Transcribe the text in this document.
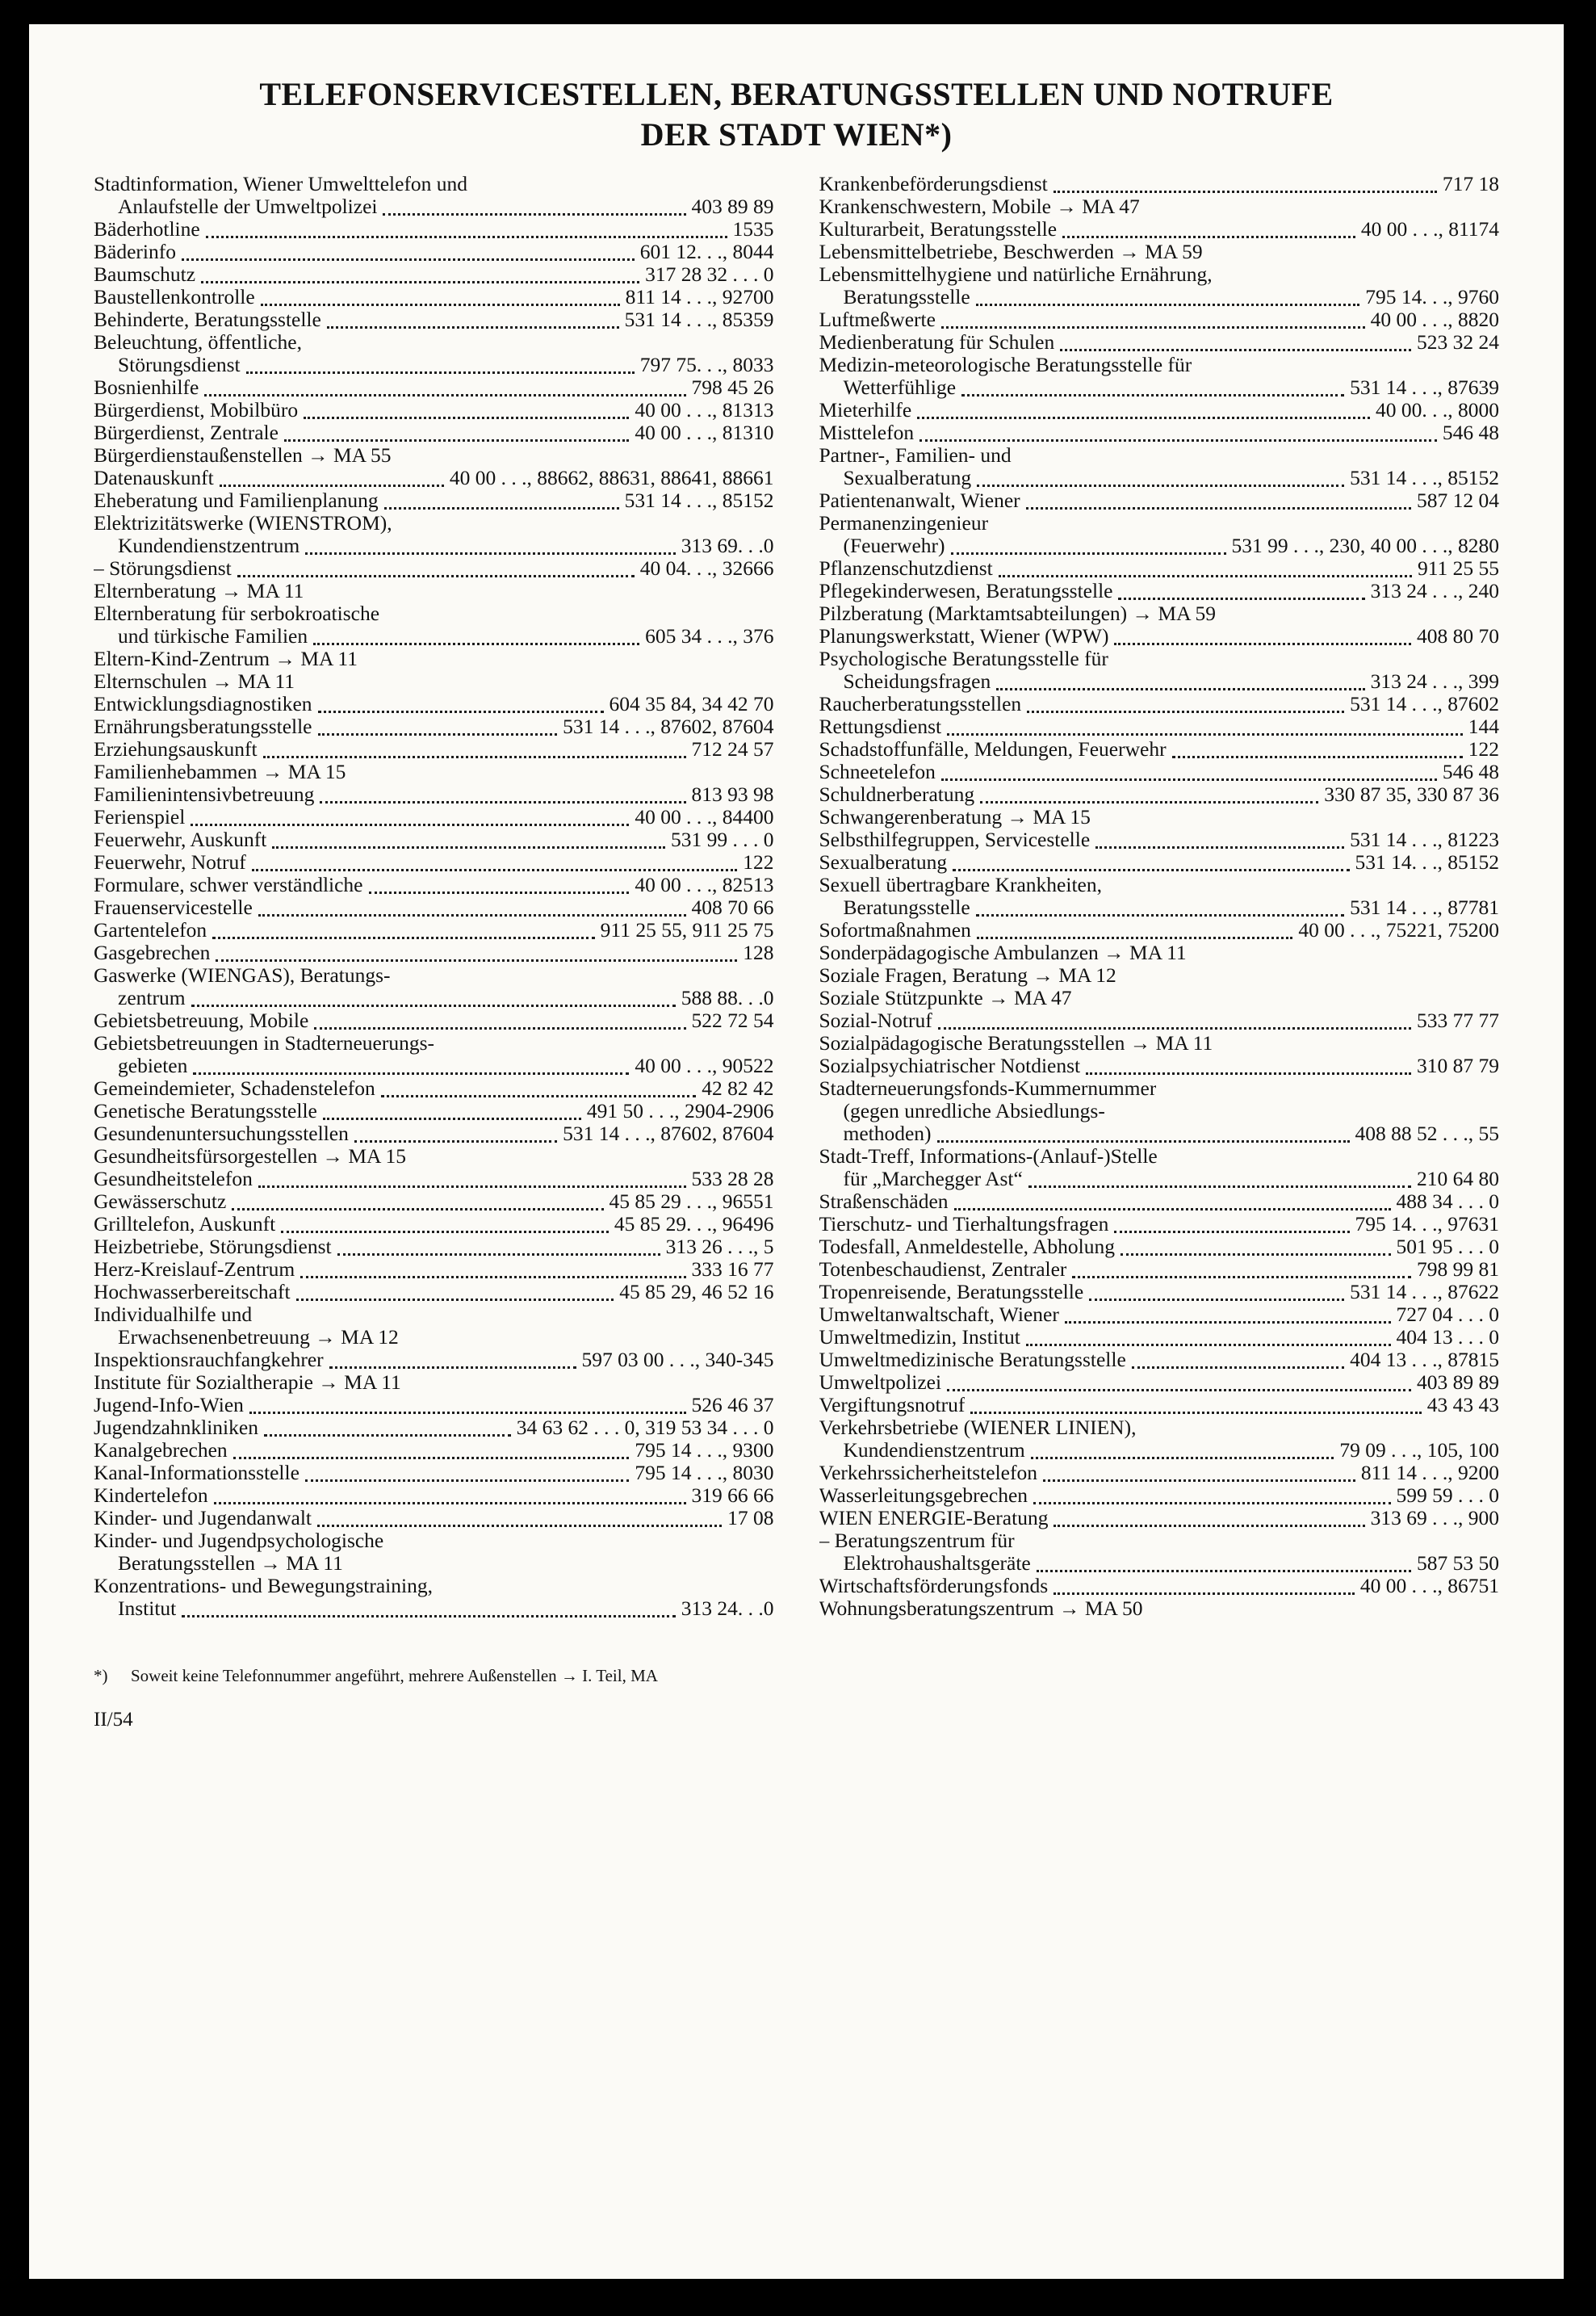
TELEFONSERVICESTELLEN, BERATUNGSSTELLEN UND NOTRUFE
DER STADT WIEN*)
Stadtinformation, Wiener Umwelttelefon und
Anlaufstelle der Umweltpolizei	403 89 89
Bäderhotline	1535
Bäderinfo	601 12. . ., 8044
Baumschutz	317 28 32 . . . 0
Baustellenkontrolle	811 14 . . ., 92700
Behinderte, Beratungsstelle	531 14 . . ., 85359
Beleuchtung, öffentliche,
Störungsdienst	797 75. . ., 8033
Bosnienhilfe	798 45 26
Bürgerdienst, Mobilbüro	40 00 . . ., 81313
Bürgerdienst, Zentrale	40 00 . . ., 81310
Bürgerdienstaußenstellen → MA 55
Datenauskunft	40 00 . . ., 88662, 88631, 88641, 88661
Eheberatung und Familienplanung	531 14 . . ., 85152
Elektrizitätswerke (WIENSTROM),
Kundendienstzentrum	313 69. . .0
– Störungsdienst	40 04. . ., 32666
Elternberatung → MA 11
Elternberatung für serbokroatische
und türkische Familien	605 34 . . ., 376
Eltern-Kind-Zentrum → MA 11
Elternschulen → MA 11
Entwicklungsdiagnostiken	604 35 84, 34 42 70
Ernährungsberatungsstelle	531 14 . . ., 87602, 87604
Erziehungsauskunft	712 24 57
Familienhebammen → MA 15
Familienintensivbetreuung	813 93 98
Ferienspiel	40 00 . . ., 84400
Feuerwehr, Auskunft	531 99 . . . 0
Feuerwehr, Notruf	122
Formulare, schwer verständliche	40 00 . . ., 82513
Frauenservicestelle	408 70 66
Gartentelefon	911 25 55, 911 25 75
Gasgebrechen	128
Gaswerke (WIENGAS), Beratungs-
zentrum	588 88. . .0
Gebietsbetreuung, Mobile	522 72 54
Gebietsbetreuungen in Stadterneuerungs-
gebieten	40 00 . . ., 90522
Gemeindemieter, Schadenstelefon	42 82 42
Genetische Beratungsstelle	491 50 . . ., 2904-2906
Gesundenuntersuchungsstellen	531 14 . . ., 87602, 87604
Gesundheitsfürsorgestellen → MA 15
Gesundheitstelefon	533 28 28
Gewässerschutz	45 85 29 . . ., 96551
Grilltelefon, Auskunft	45 85 29. . ., 96496
Heizbetriebe, Störungsdienst	313 26 . . ., 5
Herz-Kreislauf-Zentrum	333 16 77
Hochwasserbereitschaft	45 85 29, 46 52 16
Individualhilfe und
Erwachsenenbetreuung → MA 12
Inspektionsrauchfangkehrer	597 03 00 . . ., 340-345
Institute für Sozialtherapie → MA 11
Jugend-Info-Wien	526 46 37
Jugendzahnkliniken	34 63 62 . . . 0, 319 53 34 . . . 0
Kanalgebrechen	795 14 . . ., 9300
Kanal-Informationsstelle	795 14 . . ., 8030
Kindertelefon	319 66 66
Kinder- und Jugendanwalt	17 08
Kinder- und Jugendpsychologische
Beratungsstellen → MA 11
Konzentrations- und Bewegungstraining,
Institut	313 24. . .0
Krankenbeförderungsdienst	717 18
Krankenschwestern, Mobile → MA 47
Kulturarbeit, Beratungsstelle	40 00 . . ., 81174
Lebensmittelbetriebe, Beschwerden → MA 59
Lebensmittelhygiene und natürliche Ernährung,
Beratungsstelle	795 14. . ., 9760
Luftmeßwerte	40 00 . . ., 8820
Medienberatung für Schulen	523 32 24
Medizin-meteorologische Beratungsstelle für
Wetterfühlige	531 14 . . ., 87639
Mieterhilfe	40 00. . ., 8000
Misttelefon	546 48
Partner-, Familien- und
Sexualberatung	531 14 . . ., 85152
Patientenanwalt, Wiener	587 12 04
Permanenzingenieur
(Feuerwehr)	531 99 . . ., 230, 40 00 . . ., 8280
Pflanzenschutzdienst	911 25 55
Pflegekinderwesen, Beratungsstelle	313 24 . . ., 240
Pilzberatung (Marktamtsabteilungen) → MA 59
Planungswerkstatt, Wiener (WPW)	408 80 70
Psychologische Beratungsstelle für
Scheidungsfragen	313 24 . . ., 399
Raucherberatungsstellen	531 14 . . ., 87602
Rettungsdienst	144
Schadstoffunfälle, Meldungen, Feuerwehr	122
Schneetelefon	546 48
Schuldnerberatung	330 87 35, 330 87 36
Schwangerenberatung → MA 15
Selbsthilfegruppen, Servicestelle	531 14 . . ., 81223
Sexualberatung	531 14. . ., 85152
Sexuell übertragbare Krankheiten,
Beratungsstelle	531 14 . . ., 87781
Sofortmaßnahmen	40 00 . . ., 75221, 75200
Sonderpädagogische Ambulanzen → MA 11
Soziale Fragen, Beratung → MA 12
Soziale Stützpunkte → MA 47
Sozial-Notruf	533 77 77
Sozialpädagogische Beratungsstellen → MA 11
Sozialpsychiatrischer Notdienst	310 87 79
Stadterneuerungsfonds-Kummernummer
(gegen unredliche Absiedlungs-
methoden)	408 88 52 . . ., 55
Stadt-Treff, Informations-(Anlauf-)Stelle
für „Marchegger Ast“	210 64 80
Straßenschäden	488 34 . . . 0
Tierschutz- und Tierhaltungsfragen	795 14. . ., 97631
Todesfall, Anmeldestelle, Abholung	501 95 . . . 0
Totenbeschaudienst, Zentraler	798 99 81
Tropenreisende, Beratungsstelle	531 14 . . ., 87622
Umweltanwaltschaft, Wiener	727 04 . . . 0
Umweltmedizin, Institut	404 13 . . . 0
Umweltmedizinische Beratungsstelle	404 13 . . ., 87815
Umweltpolizei	403 89 89
Vergiftungsnotruf	43 43 43
Verkehrsbetriebe (WIENER LINIEN),
Kundendienstzentrum	79 09 . . ., 105, 100
Verkehrssicherheitstelefon	811 14 . . ., 9200
Wasserleitungsgebrechen	599 59 . . . 0
WIEN ENERGIE-Beratung	313 69 . . ., 900
– Beratungszentrum für
Elektrohaushaltsgeräte	587 53 50
Wirtschaftsförderungsfonds	40 00 . . ., 86751
Wohnungsberatungszentrum → MA 50
*)	Soweit keine Telefonnummer angeführt, mehrere Außenstellen → I. Teil, MA
II/54
